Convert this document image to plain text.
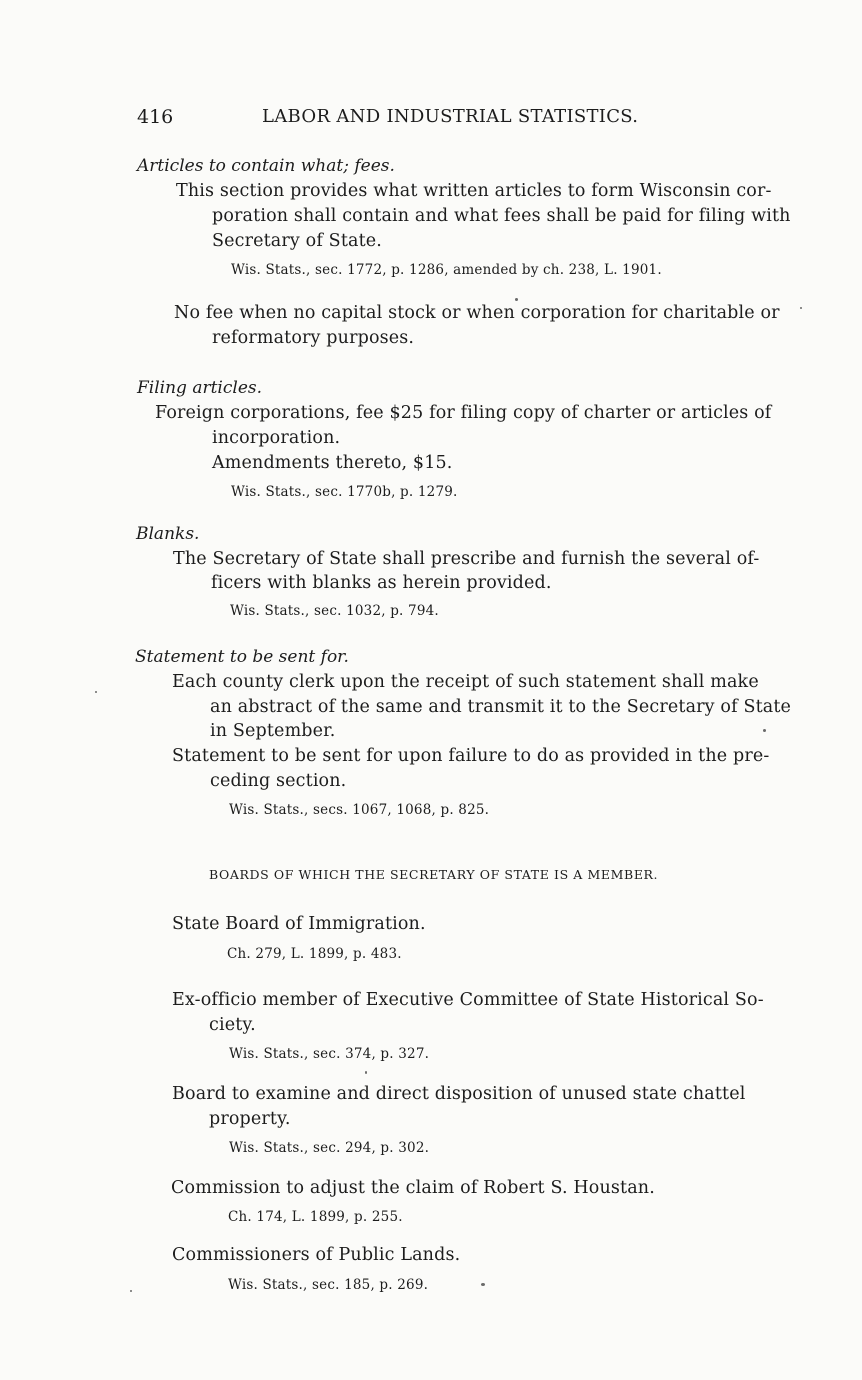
416	LABOR AND INDUSTRIAL STATISTICS.
Articles to contain what; fees.
This section provides what written articles to form Wisconsin cor-
poration shall contain and what fees shall be paid for filing with
Secretary of State.
Wis. Stats., sec. 1772, p. 1286, amended by ch. 238, L. 1901.
No fee when no capital stock or when corporation for charitable or
reformatory purposes.
Filing articles.
Foreign corporations, fee $25 for filing copy of charter or articles of
incorporation.
Amendments thereto, $15.
Wis. Stats., sec. 1770b, p. 1279.
Blanks.
The Secretary of State shall prescribe and furnish the several of-
ficers with blanks as herein provided.
Wis. Stats., sec. 1032, p. 794.
Statement to be sent for.
Each county clerk upon the receipt of such statement shall make
an abstract of the same and transmit it to the Secretary of State
in September.
Statement to be sent for upon failure to do as provided in the pre-
ceding section.
Wis. Stats., secs. 1067, 1068, p. 825.
BOARDS OF WHICH THE SECRETARY OF STATE IS A MEMBER.
State Board of Immigration.
Ch. 279, L. 1899, p. 483.
Ex-officio member of Executive Committee of State Historical So-
ciety.
Wis. Stats., sec. 374, p. 327.
Board to examine and direct disposition of unused state chattel
property.
Wis. Stats., sec. 294, p. 302.
Commission to adjust the claim of Robert S. Houstan.
Ch. 174, L. 1899, p. 255.
Commissioners of Public Lands.
Wis. Stats., sec. 185, p. 269.
